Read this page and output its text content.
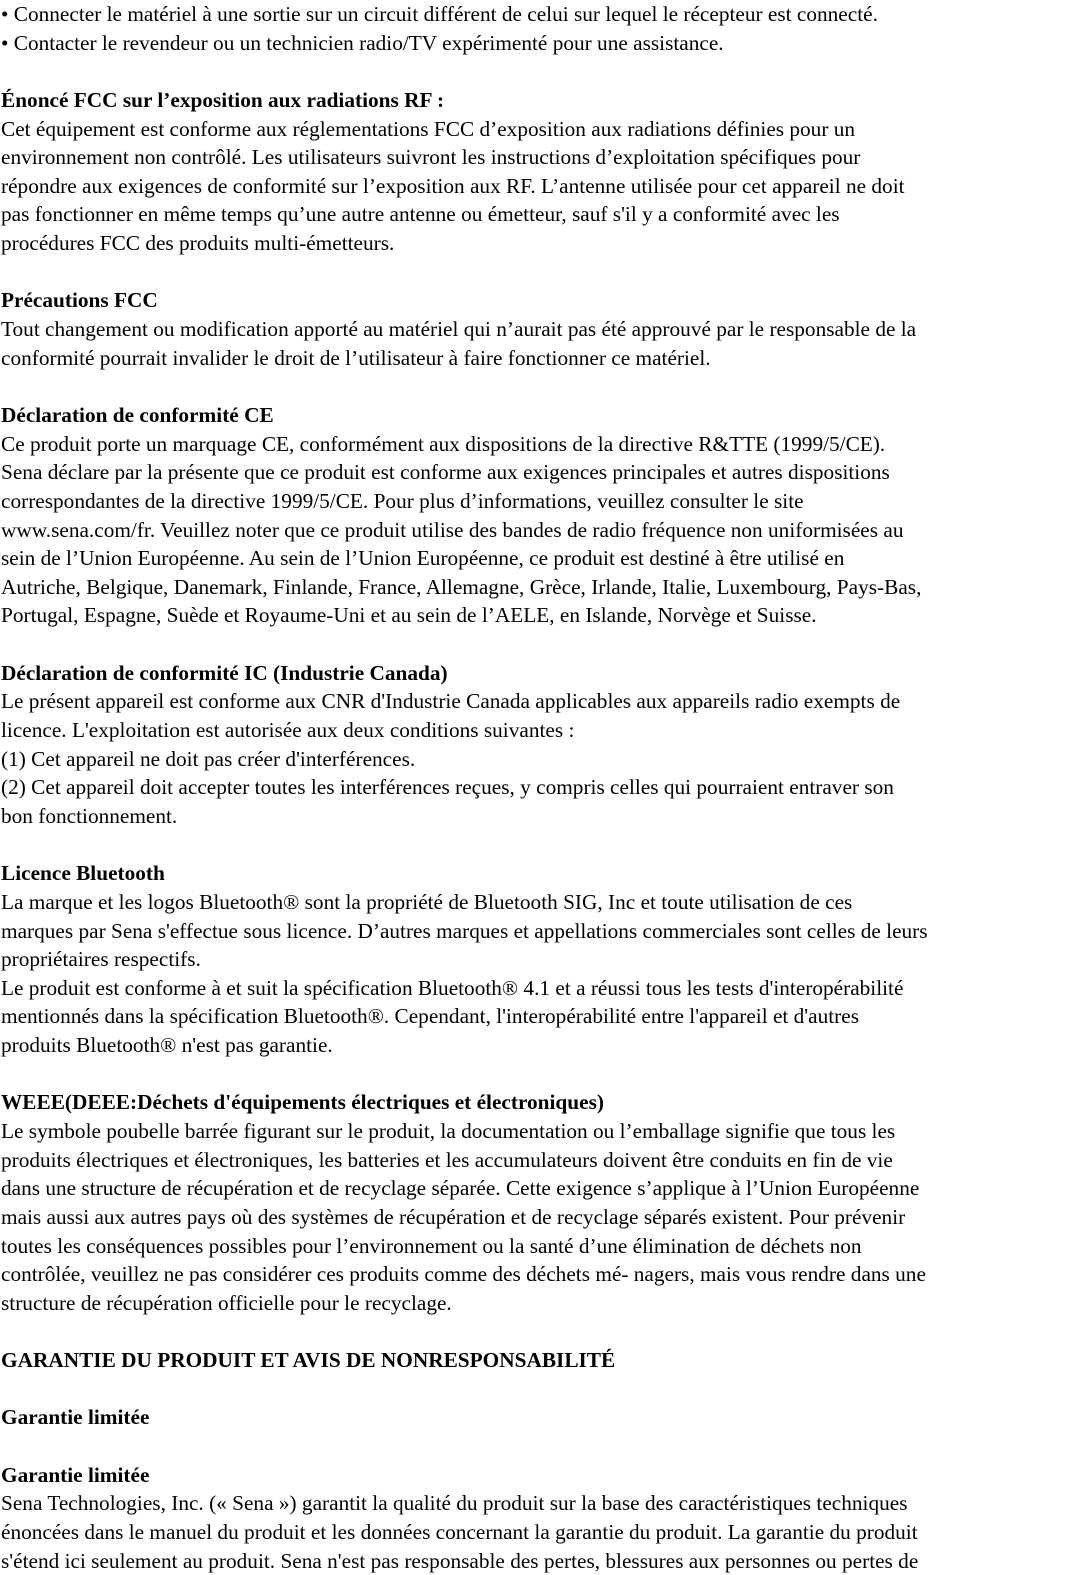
• Connecter le matériel à une sortie sur un circuit différent de celui sur lequel le récepteur est connecté.
• Contacter le revendeur ou un technicien radio/TV expérimenté pour une assistance.
Énoncé FCC sur l’exposition aux radiations RF :
Cet équipement est conforme aux réglementations FCC d’exposition aux radiations définies pour un
environnement non contrôlé. Les utilisateurs suivront les instructions d’exploitation spécifiques pour
répondre aux exigences de conformité sur l’exposition aux RF. L’antenne utilisée pour cet appareil ne doit
pas fonctionner en même temps qu’une autre antenne ou émetteur, sauf s'il y a conformité avec les
procédures FCC des produits multi-émetteurs.
Précautions FCC
Tout changement ou modification apporté au matériel qui n’aurait pas été approuvé par le responsable de la
conformité pourrait invalider le droit de l’utilisateur à faire fonctionner ce matériel.
Déclaration de conformité CE
Ce produit porte un marquage CE, conformément aux dispositions de la directive R&TTE (1999/5/CE).
Sena déclare par la présente que ce produit est conforme aux exigences principales et autres dispositions
correspondantes de la directive 1999/5/CE. Pour plus d’informations, veuillez consulter le site
www.sena.com/fr. Veuillez noter que ce produit utilise des bandes de radio fréquence non uniformisées au
sein de l’Union Européenne. Au sein de l’Union Européenne, ce produit est destiné à être utilisé en
Autriche, Belgique, Danemark, Finlande, France, Allemagne, Grèce, Irlande, Italie, Luxembourg, Pays-Bas,
Portugal, Espagne, Suède et Royaume-Uni et au sein de l’AELE, en Islande, Norvège et Suisse.
Déclaration de conformité IC (Industrie Canada)
Le présent appareil est conforme aux CNR d'Industrie Canada applicables aux appareils radio exempts de
licence. L'exploitation est autorisée aux deux conditions suivantes :
(1) Cet appareil ne doit pas créer d'interférences.
(2) Cet appareil doit accepter toutes les interférences reçues, y compris celles qui pourraient entraver son
bon fonctionnement.
Licence Bluetooth
La marque et les logos Bluetooth® sont la propriété de Bluetooth SIG, Inc et toute utilisation de ces
marques par Sena s'effectue sous licence. D’autres marques et appellations commerciales sont celles de leurs
propriétaires respectifs.
Le produit est conforme à et suit la spécification Bluetooth® 4.1 et a réussi tous les tests d'interopérabilité
mentionnés dans la spécification Bluetooth®. Cependant, l'interopérabilité entre l'appareil et d'autres
produits Bluetooth® n'est pas garantie.
WEEE(DEEE:Déchets d'équipements électriques et électroniques)
Le symbole poubelle barrée figurant sur le produit, la documentation ou l’emballage signifie que tous les
produits électriques et électroniques, les batteries et les accumulateurs doivent être conduits en fin de vie
dans une structure de récupération et de recyclage séparée. Cette exigence s’applique à l’Union Européenne
mais aussi aux autres pays où des systèmes de récupération et de recyclage séparés existent. Pour prévenir
toutes les conséquences possibles pour l’environnement ou la santé d’une élimination de déchets non
contrôlée, veuillez ne pas considérer ces produits comme des déchets mé- nagers, mais vous rendre dans une
structure de récupération officielle pour le recyclage.
GARANTIE DU PRODUIT ET AVIS DE NONRESPONSABILITÉ
Garantie limitée
Garantie limitée
Sena Technologies, Inc. (« Sena ») garantit la qualité du produit sur la base des caractéristiques techniques
énoncées dans le manuel du produit et les données concernant la garantie du produit. La garantie du produit
s'étend ici seulement au produit. Sena n'est pas responsable des pertes, blessures aux personnes ou pertes de
